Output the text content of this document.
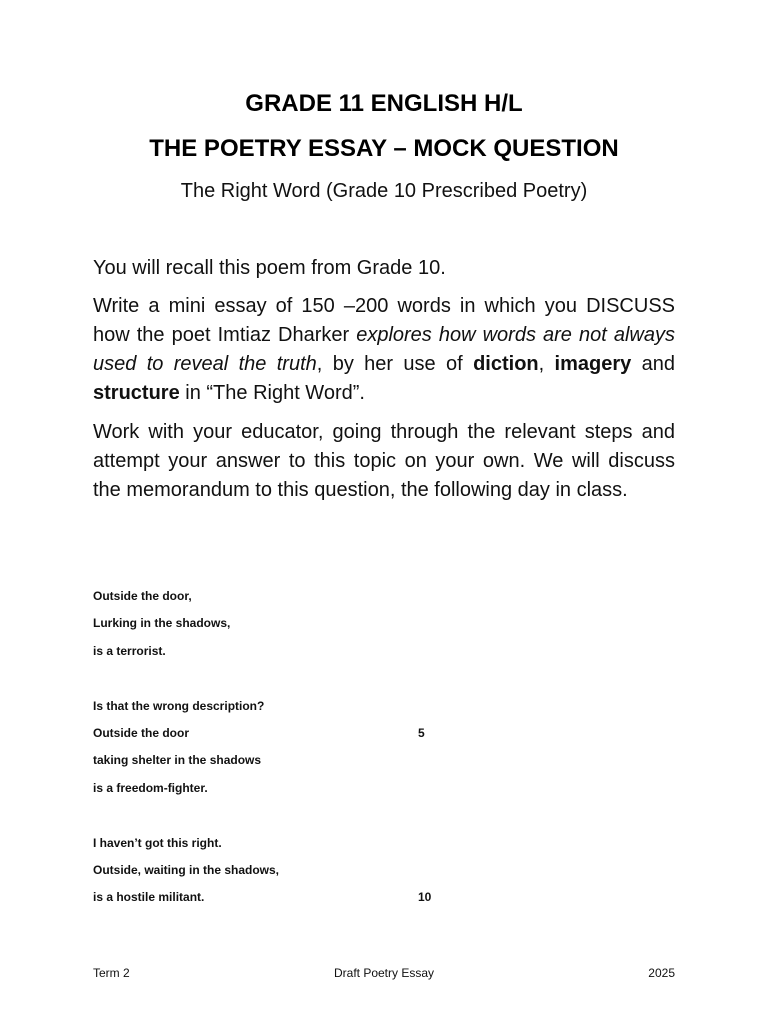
GRADE 11 ENGLISH H/L
THE POETRY ESSAY – MOCK QUESTION
The Right Word (Grade 10 Prescribed Poetry)
You will recall this poem from Grade 10.
Write a mini essay of 150 –200 words in which you DISCUSS how the poet Imtiaz Dharker explores how words are not always used to reveal the truth, by her use of diction, imagery and structure in “The Right Word”.
Work with your educator, going through the relevant steps and attempt your answer to this topic on your own. We will discuss the memorandum to this question, the following day in class.
Outside the door,
Lurking in the shadows,
is a terrorist.
Is that the wrong description?
Outside the door	5
taking shelter in the shadows
is a freedom-fighter.
I haven’t got this right.
Outside, waiting in the shadows,
is a hostile militant.	10
Term 2	Draft Poetry Essay	2025
